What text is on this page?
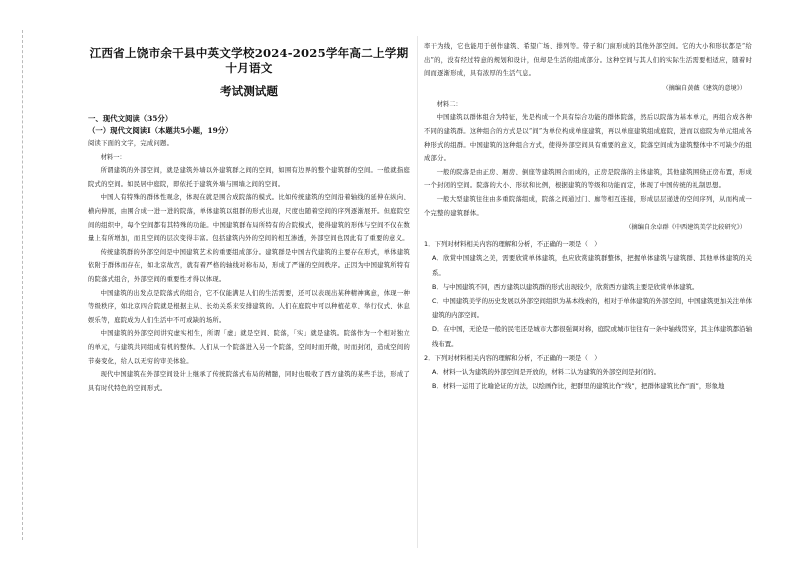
江西省上饶市余干县中英文学校2024-2025学年高二上学期十月语文
考试测试题
一、现代文阅读（35分）
（一）现代文阅读Ⅰ（本题共5小题，19分）
阅读下面的文字，完成问题。
材料一：
所谓建筑的外部空间，就是建筑外墙以外建筑群之间的空间，如围有边界的整个建筑群的空间。一般就指庭院式的空间。如民居中庭院，即依托于建筑外墙与围墙之间的空间。
中国人有特殊的群体性观念，体现在就是围合成院落的模式。比如传统建筑的空间沿着轴线的延伸在纵向、横向伸展，由围合成一进一进的院落，单体建筑以组群的形式出现，尺度也随着空间的序列逐渐展开。但庭院空间的组织中，每个空间都有其特殊的功能。中国建筑群布局所特有的合院模式，使得建筑的形体与空间不仅在数量上有所增加，而且空间的层次变得丰富。包括建筑内外的空间的相互渗透，外部空间也因此有了重要的意义。
传统建筑群的外部空间是中国建筑艺术的重要组成部分。建筑群是中国古代建筑的主要存在形式，单体建筑依附于群体而存在，如北京故宫，就有着严格的轴线对称布局，形成了严谨的空间秩序。正因为中国建筑所特有的院落式组合，外部空间的重要性才得以体现。
中国建筑的出发点是院落式的组合，它不仅能满足人们的生活需要，还可以表现出某种精神寓意，体现一种等级秩序，如北京四合院就是根据主从、长幼关系来安排建筑的。人们在庭院中可以种植花草、举行仪式、休息娱乐等，庭院成为人们生活中不可或缺的场所。
中国建筑的外部空间讲究虚实相生，所谓「虚」就是空间、院落，「实」就是建筑。院落作为一个相对独立的单元，与建筑共同组成有机的整体。人们从一个院落进入另一个院落，空间时而开敞，时而封闭，造成空间的节奏变化，给人以无穷的审美体验。
现代中国建筑在外部空间设计上继承了传统院落式布局的精髓，同时也吸收了西方建筑的某些手法，形成了具有时代特色的空间形式。
率干为线，它也能用于创作建筑、希望广场、排列等。带子和门窗形成的其他外部空间。它的大小和形状都是“给出”的，没有经过特意的规划和设计，但却是生活的组成部分。这种空间与其人们的实际生活需要相适应，随着时间而逐渐形成，具有浓厚的生活气息。
（摘编自黄薇《建筑的意境》）
材料二：
中国建筑以群体组合为特征，先是构成一个具有综合功能的群体院落，然后以院落为基本单元，再组合成各种不同的建筑群。这种组合的方式是以“间”为单位构成单座建筑，再以单座建筑组成庭院，进而以庭院为单元组成各种形式的组群。中国建筑的这种组合方式，使得外部空间具有重要的意义，院落空间成为建筑整体中不可缺少的组成部分。
一般的院落是由正房、厢房、倒座等建筑围合而成的，正房是院落的主体建筑，其他建筑围绕正房布置，形成一个封闭的空间。院落的大小、形状和比例，根据建筑的等级和功能而定，体现了中国传统的礼制思想。
一般大型建筑往往由多重院落组成，院落之间通过门、廊等相互连接，形成层层递进的空间序列，从而构成一个完整的建筑群体。
（摘编自余卓群《中西建筑美学比较研究》）
1．下列对材料相关内容的理解和分析，不正确的一项是（　）
A．欣赏中国建筑之美，需要欣赏单体建筑，也应欣赏建筑群整体，把握单体建筑与建筑群、其他单体建筑的关系。
B．与中国建筑不同，西方建筑以建筑群的形式出现较少，欣赏西方建筑主要是欣赏单体建筑。
C．中国建筑美学的历史发展以外部空间组织为基本线索的，相对于单体建筑的外部空间，中国建筑更加关注单体建筑的内部空间。
D．在中国，无论是一般的民宅还是城市大都很强调对称，庭院或城市往往有一条中轴线贯穿，其主体建筑都沿轴线布置。
2．下列对材料相关内容的理解和分析，不正确的一项是（　）
A．材料一认为建筑的外部空间是开放的，材料二认为建筑的外部空间是封闭的。
B．材料一运用了比喻论证的方法，以绘画作比，把群里的建筑比作“线”，把群体建筑比作“面”，形象地
